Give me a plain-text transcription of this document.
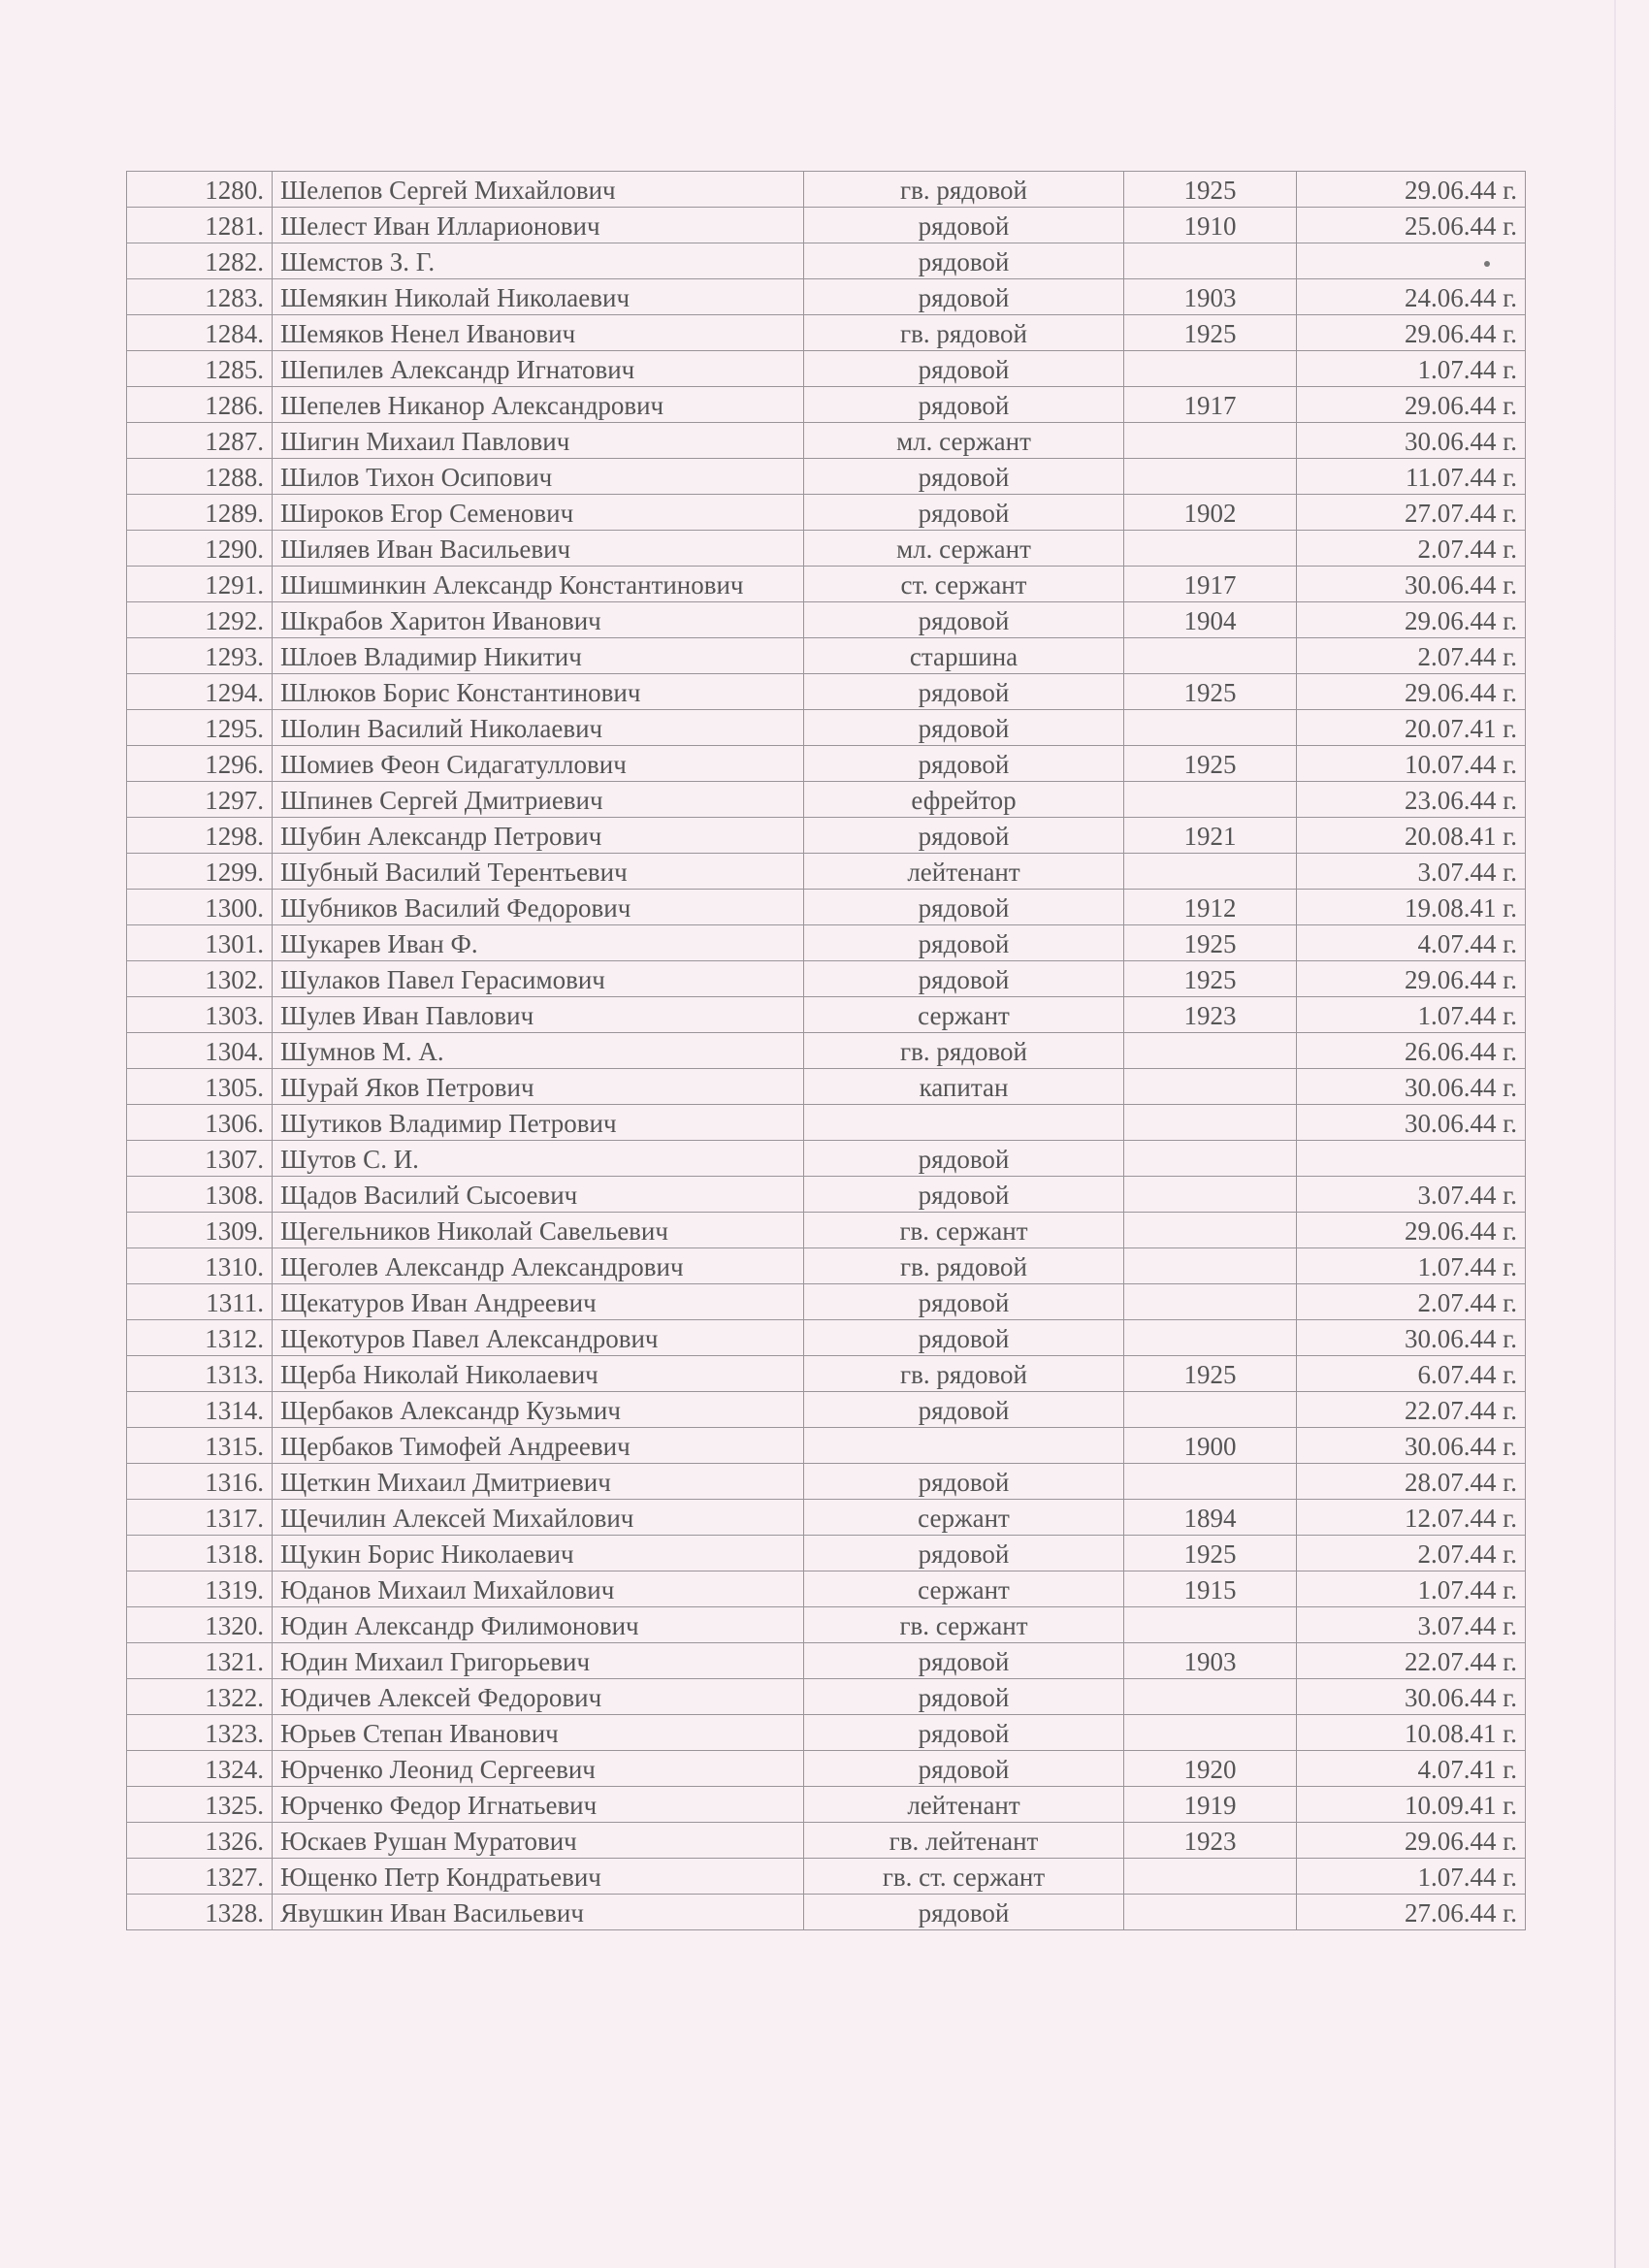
1280.	Шелепов Сергей Михайлович	гв. рядовой	1925	29.06.44 г.
1281.	Шелест Иван Илларионович	рядовой	1910	25.06.44 г.
1282.	Шемстов З. Г.	рядовой		
1283.	Шемякин Николай Николаевич	рядовой	1903	24.06.44 г.
1284.	Шемяков Ненел Иванович	гв. рядовой	1925	29.06.44 г.
1285.	Шепилев Александр Игнатович	рядовой		1.07.44 г.
1286.	Шепелев Никанор Александрович	рядовой	1917	29.06.44 г.
1287.	Шигин Михаил Павлович	мл. сержант		30.06.44 г.
1288.	Шилов Тихон Осипович	рядовой		11.07.44 г.
1289.	Широков Егор Семенович	рядовой	1902	27.07.44 г.
1290.	Шиляев Иван Васильевич	мл. сержант		2.07.44 г.
1291.	Шишминкин Александр Константинович	ст. сержант	1917	30.06.44 г.
1292.	Шкрабов Харитон Иванович	рядовой	1904	29.06.44 г.
1293.	Шлоев Владимир Никитич	старшина		2.07.44 г.
1294.	Шлюков Борис Константинович	рядовой	1925	29.06.44 г.
1295.	Шолин Василий Николаевич	рядовой		20.07.41 г.
1296.	Шомиев Феон Сидагатуллович	рядовой	1925	10.07.44 г.
1297.	Шпинев Сергей Дмитриевич	ефрейтор		23.06.44 г.
1298.	Шубин Александр Петрович	рядовой	1921	20.08.41 г.
1299.	Шубный Василий Терентьевич	лейтенант		3.07.44 г.
1300.	Шубников Василий Федорович	рядовой	1912	19.08.41 г.
1301.	Шукарев Иван Ф.	рядовой	1925	4.07.44 г.
1302.	Шулаков Павел Герасимович	рядовой	1925	29.06.44 г.
1303.	Шулев Иван Павлович	сержант	1923	1.07.44 г.
1304.	Шумнов М. А.	гв. рядовой		26.06.44 г.
1305.	Шурай Яков Петрович	капитан		30.06.44 г.
1306.	Шутиков Владимир Петрович			30.06.44 г.
1307.	Шутов С. И.	рядовой		
1308.	Щадов Василий Сысоевич	рядовой		3.07.44 г.
1309.	Щегельников Николай Савельевич	гв. сержант		29.06.44 г.
1310.	Щеголев Александр Александрович	гв. рядовой		1.07.44 г.
1311.	Щекатуров Иван Андреевич	рядовой		2.07.44 г.
1312.	Щекотуров Павел Александрович	рядовой		30.06.44 г.
1313.	Щерба Николай Николаевич	гв. рядовой	1925	6.07.44 г.
1314.	Щербаков Александр Кузьмич	рядовой		22.07.44 г.
1315.	Щербаков Тимофей Андреевич		1900	30.06.44 г.
1316.	Щеткин Михаил Дмитриевич	рядовой		28.07.44 г.
1317.	Щечилин Алексей Михайлович	сержант	1894	12.07.44 г.
1318.	Щукин Борис Николаевич	рядовой	1925	2.07.44 г.
1319.	Юданов Михаил Михайлович	сержант	1915	1.07.44 г.
1320.	Юдин Александр Филимонович	гв. сержант		3.07.44 г.
1321.	Юдин Михаил Григорьевич	рядовой	1903	22.07.44 г.
1322.	Юдичев Алексей Федорович	рядовой		30.06.44 г.
1323.	Юрьев Степан Иванович	рядовой		10.08.41 г.
1324.	Юрченко Леонид Сергеевич	рядовой	1920	4.07.41 г.
1325.	Юрченко Федор Игнатьевич	лейтенант	1919	10.09.41 г.
1326.	Юскаев Рушан Муратович	гв. лейтенант	1923	29.06.44 г.
1327.	Ющенко Петр Кондратьевич	гв. ст. сержант		1.07.44 г.
1328.	Явушкин Иван Васильевич	рядовой		27.06.44 г.
